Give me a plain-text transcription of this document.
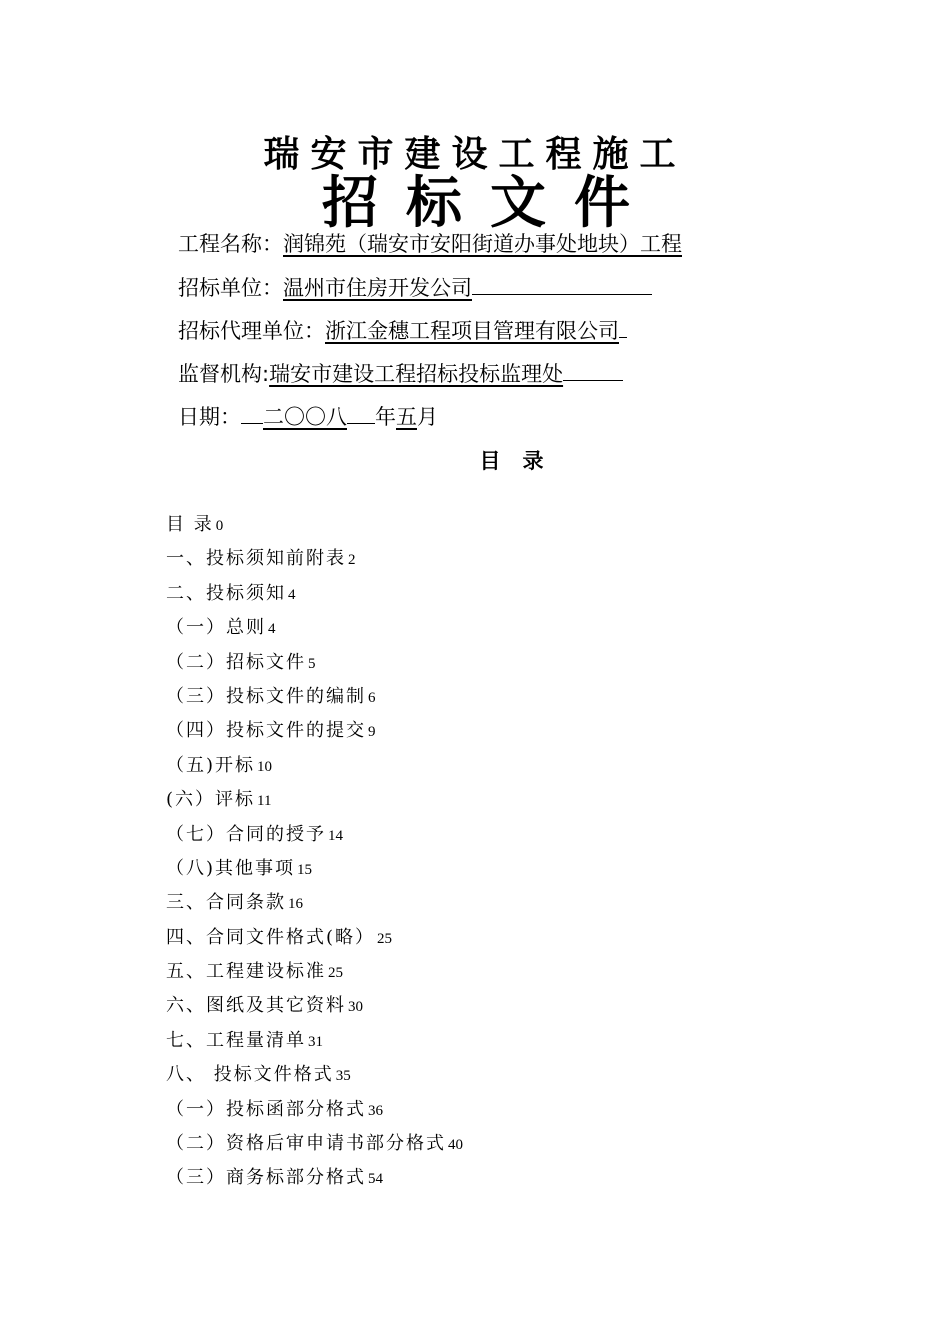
瑞安市建设工程施工
招标文件
工程名称：润锦苑（瑞安市安阳街道办事处地块）工程
招标单位：温州市住房开发公司
招标代理单位：浙江金穗工程项目管理有限公司
监督机构:瑞安市建设工程招标投标监理处
日期： 二〇〇八 年五月
目录
目 录 0
一、投标须知前附表 2
二、投标须知 4
（一）总则 4
（二）招标文件 5
（三）投标文件的编制 6
（四）投标文件的提交 9
（五)开标 10
(六）评标 11
（七）合同的授予 14
（八)其他事项 15
三、合同条款 16
四、合同文件格式(略） 25
五、工程建设标准 25
六、图纸及其它资料 30
七、工程量清单 31
八、 投标文件格式 35
（一）投标函部分格式 36
（二）资格后审申请书部分格式 40
（三）商务标部分格式 54
